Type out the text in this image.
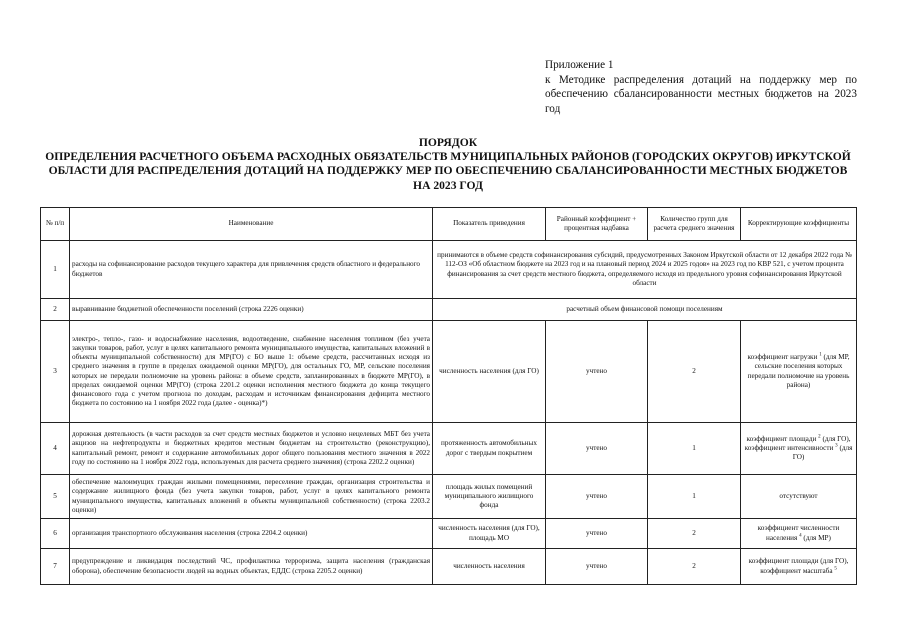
Приложение 1
к Методике распределения дотаций на поддержку мер по обеспечению сбалансированности местных бюджетов на 2023 год
ПОРЯДОК
ОПРЕДЕЛЕНИЯ РАСЧЕТНОГО ОБЪЕМА РАСХОДНЫХ ОБЯЗАТЕЛЬСТВ МУНИЦИПАЛЬНЫХ РАЙОНОВ (ГОРОДСКИХ ОКРУГОВ) ИРКУТСКОЙ ОБЛАСТИ ДЛЯ РАСПРЕДЕЛЕНИЯ ДОТАЦИЙ НА ПОДДЕРЖКУ МЕР ПО ОБЕСПЕЧЕНИЮ СБАЛАНСИРОВАННОСТИ МЕСТНЫХ БЮДЖЕТОВ НА 2023 ГОД
№ п/п	Наименование	Показатель приведения	Районный коэффициент + процентная надбавка	Количество групп для расчета среднего значения	Корректирующие коэффициенты
1	расходы на софинансирование расходов текущего характера для привлечения средств областного и федерального бюджетов	принимаются в объеме средств софинансирования субсидий, предусмотренных Законом Иркутской области от 12 декабря 2022 года № 112-ОЗ «Об областном бюджете на 2023 год и на плановый период 2024 и 2025 годов» на 2023 год по КВР 521, с учетом процента финансирования за счет средств местного бюджета, определяемого исходя из предельного уровня софинансирования Иркутской области			
2	выравнивание бюджетной обеспеченности поселений (строка 2226 оценки)	расчетный объем финансовой помощи поселениям			
3	электро-, тепло-, газо- и водоснабжение населения, водоотведение, снабжение населения топливом (без учета закупки товаров, работ, услуг в целях капитального ремонта муниципального имущества, капитальных вложений в объекты муниципальной собственности) для МР(ГО) с БО выше 1: объеме средств, рассчитанных исходя из среднего значения в группе в пределах ожидаемой оценки МР(ГО), для остальных ГО, МР, сельские поселения которых не передали полномочие на уровень района: в объеме средств, запланированных в бюджете МР(ГО), в пределах ожидаемой оценки МР(ГО) (строка 2201.2 оценки исполнения местного бюджета до конца текущего финансового года с учетом прогноза по доходам, расходам и источникам финансирования дефицита местного бюджета по состоянию на 1 ноября 2022 года (далее - оценка)*)	численность населения (для ГО)	учтено	2	коэффициент нагрузки $^1$ (для МР, сельские поселения которых передали полномочие на уровень района)
4	дорожная деятельность (в части расходов за счет средств местных бюджетов и условно нецелевых МБТ без учета акцизов на нефтепродукты и бюджетных кредитов местным бюджетам на строительство (реконструкцию), капитальный ремонт, ремонт и содержание автомобильных дорог общего пользования местного значения в 2022 году по состоянию на 1 ноября 2022 года, используемых для расчета среднего значения) (строка 2202.2 оценки)	протяженность автомобильных дорог с твердым покрытием	учтено	1	коэффициент площади $^2$ (для ГО), коэффициент интенсивности $^3$ (для ГО)
5	обеспечение малоимущих граждан жилыми помещениями, переселение граждан, организация строительства и содержание жилищного фонда (без учета закупки товаров, работ, услуг в целях капитального ремонта муниципального имущества, капитальных вложений в объекты муниципальной собственности) (строка 2203.2 оценки)	площадь жилых помещений муниципального жилищного фонда	учтено	1	отсутствуют
6	организация транспортного обслуживания населения (строка 2204.2 оценки)	численность населения (для ГО), площадь МО	учтено	2	коэффициент численности населения $^4$ (для МР)
7	предупреждение и ликвидация последствий ЧС, профилактика терроризма, защита населения (гражданская оборона), обеспечение безопасности людей на водных объектах, ЕДДС (строка 2205.2 оценки)	численность населения	учтено	2	коэффициент площади (для ГО), коэффициент масштаба $^5$
